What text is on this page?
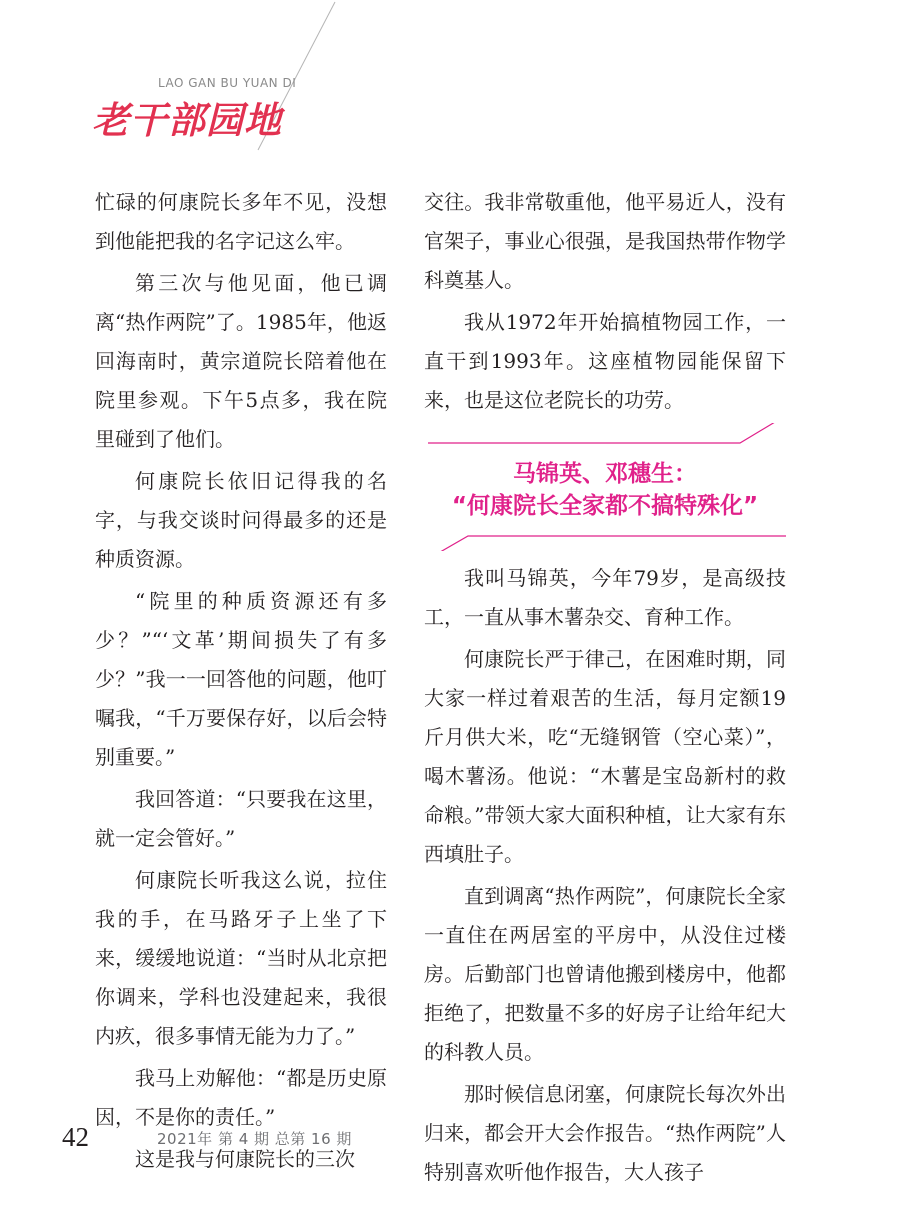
LAO GAN BU YUAN DI
老干部园地

忙碌的何康院长多年不见，没想到他能把我的名字记这么牢。

第三次与他见面，他已调离“热作两院”了。1985年，他返回海南时，黄宗道院长陪着他在院里参观。下午5点多，我在院里碰到了他们。

何康院长依旧记得我的名字，与我交谈时问得最多的还是种质资源。

“院里的种质资源还有多少？”“‘文革’期间损失了有多少？”我一一回答他的问题，他叮嘱我，“千万要保存好，以后会特别重要。”

我回答道：“只要我在这里，就一定会管好。”

何康院长听我这么说，拉住我的手，在马路牙子上坐了下来，缓缓地说道：“当时从北京把你调来，学科也没建起来，我很内疚，很多事情无能为力了。”

我马上劝解他：“都是历史原因，不是你的责任。”

这是我与何康院长的三次

交往。我非常敬重他，他平易近人，没有官架子，事业心很强，是我国热带作物学科奠基人。

我从1972年开始搞植物园工作，一直干到1993年。这座植物园能保留下来，也是这位老院长的功劳。

马锦英、邓穗生：
“何康院长全家都不搞特殊化”

我叫马锦英，今年79岁，是高级技工，一直从事木薯杂交、育种工作。

何康院长严于律己，在困难时期，同大家一样过着艰苦的生活，每月定额19斤月供大米，吃“无缝钢管（空心菜）”，喝木薯汤。他说：“木薯是宝岛新村的救命粮。”带领大家大面积种植，让大家有东西填肚子。

直到调离“热作两院”，何康院长全家一直住在两居室的平房中，从没住过楼房。后勤部门也曾请他搬到楼房中，他都拒绝了，把数量不多的好房子让给年纪大的科教人员。

那时候信息闭塞，何康院长每次外出归来，都会开大会作报告。“热作两院”人特别喜欢听他作报告，大人孩子

42	2021年 第 4 期 总第 16 期
